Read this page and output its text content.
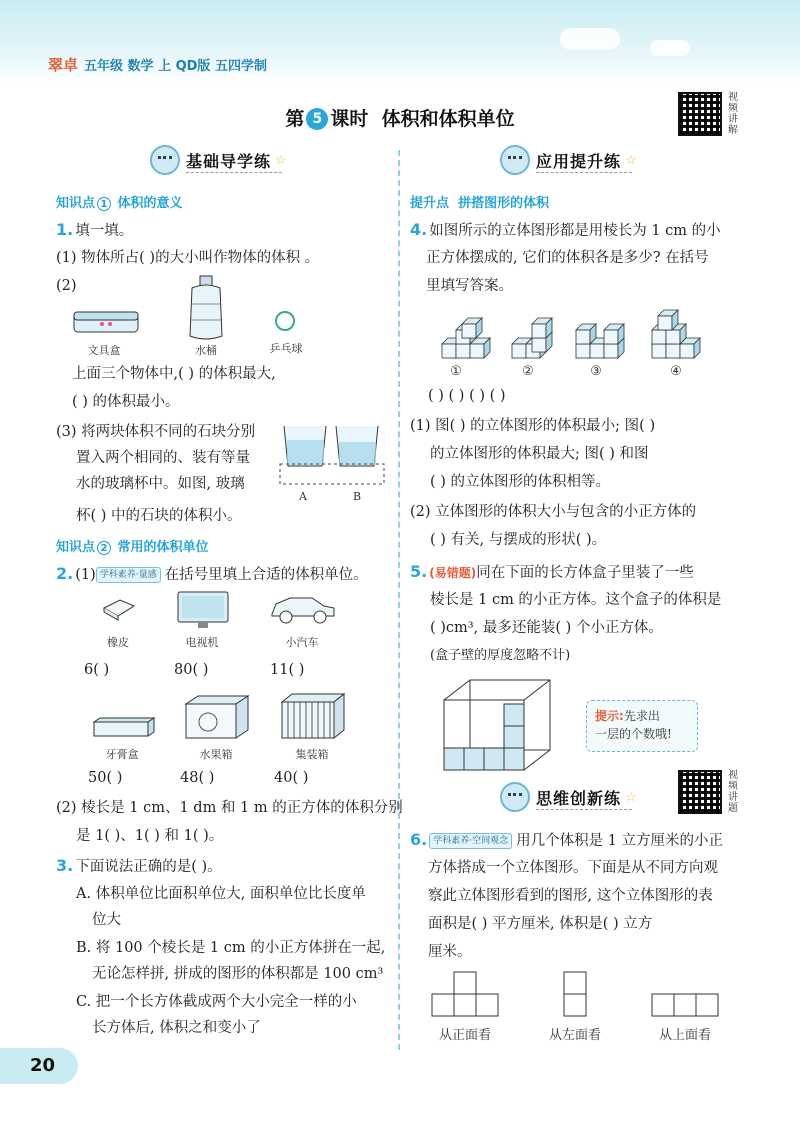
翠卓 五年级 数学 上 QD版 五四学制
第 5 课时 体积和体积单位
视频讲解
基础导学练 ☆
知识点 1 体积的意义
1. 填一填。
(1) 物体所占( )的大小叫作物体的体积 。
(2)
文具盒	水桶	乒乓球
上面三个物体中,( ) 的体积最大,
( ) 的体积最小。
(3) 将两块体积不同的石块分别
置入两个相同的、装有等量
水的玻璃杯中。如图, 玻璃
杯( ) 中的石块的体积小。
A	B
知识点 2 常用的体积单位
2. (1) 学科素养·量感 在括号里填上合适的体积单位。
橡皮	电视机	小汽车
6( )	80( )	11( )
牙膏盒	水果箱	集装箱
50( )	48( )	40( )
(2) 棱长是 1 cm、1 dm 和 1 m 的正方体的体积分别
是 1( )、1( ) 和 1( )。
3. 下面说法正确的是( )。
A. 体积单位比面积单位大, 面积单位比长度单
位大
B. 将 100 个棱长是 1 cm 的小正方体拼在一起,
无论怎样拼, 拼成的图形的体积都是 100 cm³
C. 把一个长方体截成两个大小完全一样的小
长方体后, 体积之和变小了
应用提升练 ☆
提升点 拼搭图形的体积
4. 如图所示的立体图形都是用棱长为 1 cm 的小
正方体摆成的, 它们的体积各是多少? 在括号
里填写答案。
①	②	③	④
( ) ( ) ( ) ( )
(1) 图( ) 的立体图形的体积最小; 图( )
的立体图形的体积最大; 图( ) 和图
( ) 的立体图形的体积相等。
(2) 立体图形的体积大小与包含的小正方体的
( ) 有关, 与摆成的形状( )。
5. (易错题)同在下面的长方体盒子里装了一些
棱长是 1 cm 的小正方体。这个盒子的体积是
( )cm³, 最多还能装( ) 个小正方体。
(盒子壁的厚度忽略不计)
提示:先求出
一层的个数哦!
思维创新练 ☆
视频讲题
6. 学科素养·空间观念 用几个体积是 1 立方厘米的小正
方体搭成一个立体图形。下面是从不同方向观
察此立体图形看到的图形, 这个立体图形的表
面积是( ) 平方厘米, 体积是( ) 立方
厘米。
从正面看	从左面看	从上面看
20
